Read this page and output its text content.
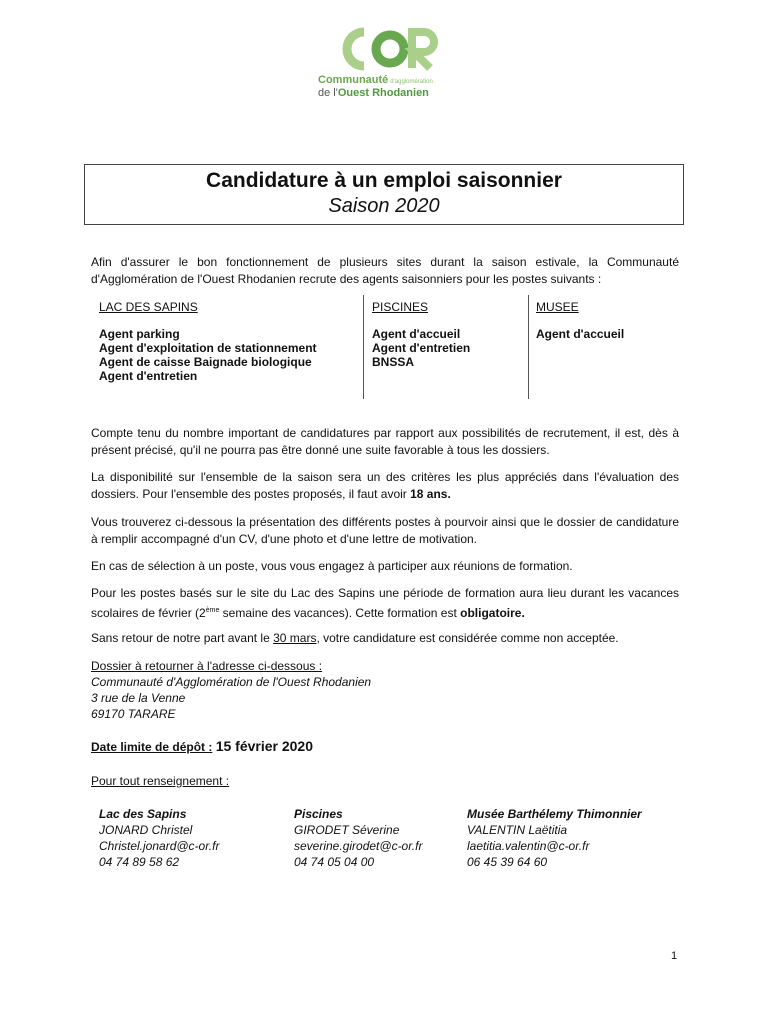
Communauté d'agglomération
de l'Ouest Rhodanien
Candidature à un emploi saisonnier
Saison 2020
Afin d'assurer le bon fonctionnement de plusieurs sites durant la saison estivale, la Communauté d'Agglomération de l'Ouest Rhodanien recrute des agents saisonniers pour les postes suivants :
LAC DES SAPINS
Agent parking
Agent d'exploitation de stationnement
Agent de caisse Baignade biologique
Agent d'entretien
PISCINES
Agent d'accueil
Agent d'entretien
BNSSA
MUSEE
Agent d'accueil
Compte tenu du nombre important de candidatures par rapport aux possibilités de recrutement, il est, dès à présent précisé, qu'il ne pourra pas être donné une suite favorable à tous les dossiers.
La disponibilité sur l'ensemble de la saison sera un des critères les plus appréciés dans l'évaluation des dossiers. Pour l'ensemble des postes proposés, il faut avoir 18 ans.
Vous trouverez ci-dessous la présentation des différents postes à pourvoir ainsi que le dossier de candidature à remplir accompagné d'un CV, d'une photo et d'une lettre de motivation.
En cas de sélection à un poste, vous vous engagez à participer aux réunions de formation.
Pour les postes basés sur le site du Lac des Sapins une période de formation aura lieu durant les vacances scolaires de février (2ème semaine des vacances). Cette formation est obligatoire.
Sans retour de notre part avant le 30 mars, votre candidature est considérée comme non acceptée.
Dossier à retourner à l'adresse ci-dessous :
Communauté d'Agglomération de l'Ouest Rhodanien
3 rue de la Venne
69170 TARARE
Date limite de dépôt : 15 février 2020
Pour tout renseignement :
Lac des Sapins
JONARD Christel
Christel.jonard@c-or.fr
04 74 89 58 62
Piscines
GIRODET Séverine
severine.girodet@c-or.fr
04 74 05 04 00
Musée Barthélemy Thimonnier
VALENTIN Laëtitia
laetitia.valentin@c-or.fr
06 45 39 64 60
1
